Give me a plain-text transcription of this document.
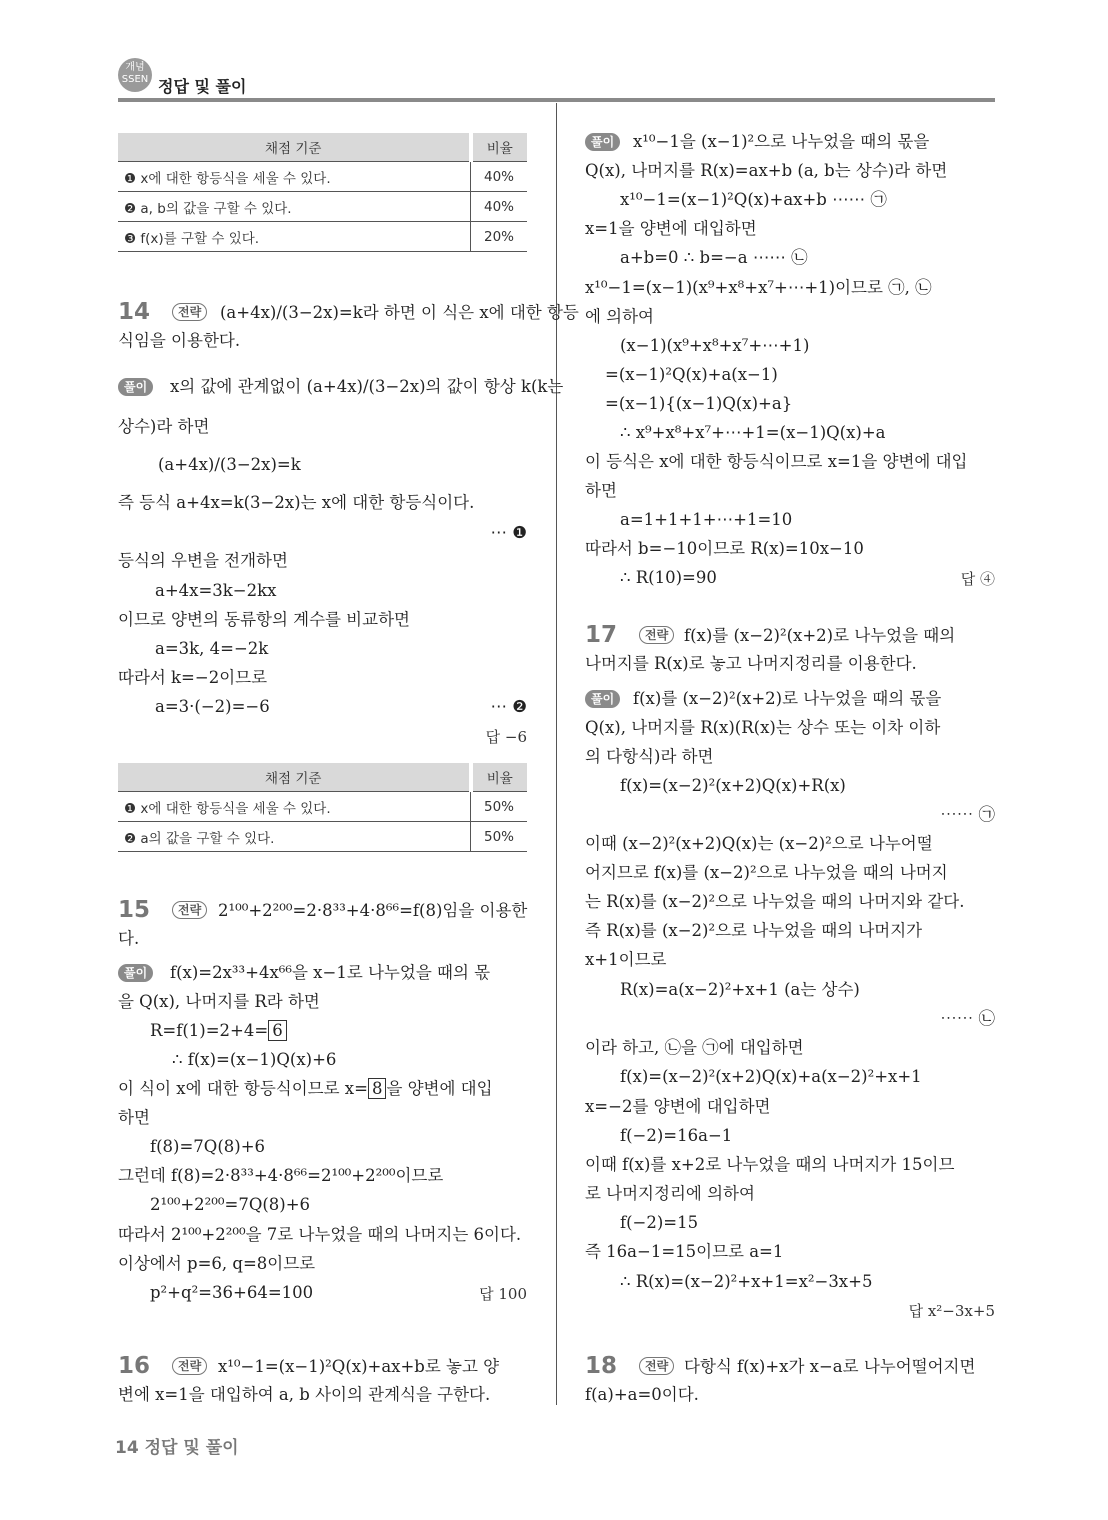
개념
SSEN 정답 및 풀이
채점 기준	비율
❶ x에 대한 항등식을 세울 수 있다.	40%
❷ a, b의 값을 구할 수 있다.	40%
❸ f(x)를 구할 수 있다.	20%
채점 기준	비율
❶ x에 대한 항등식을 세울 수 있다.	50%
❷ a의 값을 구할 수 있다.	50%
14 정답 및 풀이
14	전략	(a+4x)/(3−2x)=k라 하면 이 식은 x에 대한 항등
식임을 이용한다.
풀이	x의 값에 관계없이 (a+4x)/(3−2x)의 값이 항상 k(k는
상수)라 하면
(a+4x)/(3−2x)=k
즉 등식 a+4x=k(3−2x)는 x에 대한 항등식이다.
⋯ ❶
등식의 우변을 전개하면
a+4x=3k−2kx
이므로 양변의 동류항의 계수를 비교하면
a=3k, 4=−2k
따라서 k=−2이므로
a=3·(−2)=−6	⋯ ❷
답 −6
15	전략	2¹⁰⁰+2²⁰⁰=2·8³³+4·8⁶⁶=f(8)임을 이용한
다.
풀이	f(x)=2x³³+4x⁶⁶을 x−1로 나누었을 때의 몫
을 Q(x), 나머지를 R라 하면
R=f(1)=2+4= 6
∴ f(x)=(x−1)Q(x)+6
이 식이 x에 대한 항등식이므로 x= 8 을 양변에 대입
하면
f(8)=7Q(8)+6
그런데 f(8)=2·8³³+4·8⁶⁶=2¹⁰⁰+2²⁰⁰이므로
2¹⁰⁰+2²⁰⁰=7Q(8)+6
따라서 2¹⁰⁰+2²⁰⁰을 7로 나누었을 때의 나머지는 6이다.
이상에서 p=6, q=8이므로
p²+q²=36+64=100	답 100
16	전략	x¹⁰−1=(x−1)²Q(x)+ax+b로 놓고 양
변에 x=1을 대입하여 a, b 사이의 관계식을 구한다.
풀이	x¹⁰−1을 (x−1)²으로 나누었을 때의 몫을
Q(x), 나머지를 R(x)=ax+b (a, b는 상수)라 하면
x¹⁰−1=(x−1)²Q(x)+ax+b ⋯⋯ ㉠
x=1을 양변에 대입하면
a+b=0 ∴ b=−a ⋯⋯ ㉡
x¹⁰−1=(x−1)(x⁹+x⁸+x⁷+⋯+1)이므로 ㉠, ㉡
에 의하여
(x−1)(x⁹+x⁸+x⁷+⋯+1)
=(x−1)²Q(x)+a(x−1)
=(x−1){(x−1)Q(x)+a}
∴ x⁹+x⁸+x⁷+⋯+1=(x−1)Q(x)+a
이 등식은 x에 대한 항등식이므로 x=1을 양변에 대입
하면
a=1+1+1+⋯+1=10
따라서 b=−10이므로 R(x)=10x−10
∴ R(10)=90	답 ④
17	전략 f(x)를 (x−2)²(x+2)로 나누었을 때의
나머지를 R(x)로 놓고 나머지정리를 이용한다.
풀이	f(x)를 (x−2)²(x+2)로 나누었을 때의 몫을
Q(x), 나머지를 R(x)(R(x)는 상수 또는 이차 이하
의 다항식)라 하면
f(x)=(x−2)²(x+2)Q(x)+R(x)
⋯⋯ ㉠
이때 (x−2)²(x+2)Q(x)는 (x−2)²으로 나누어떨
어지므로 f(x)를 (x−2)²으로 나누었을 때의 나머지
는 R(x)를 (x−2)²으로 나누었을 때의 나머지와 같다.
즉 R(x)를 (x−2)²으로 나누었을 때의 나머지가
x+1이므로
R(x)=a(x−2)²+x+1 (a는 상수)
⋯⋯ ㉡
이라 하고, ㉡을 ㉠에 대입하면
f(x)=(x−2)²(x+2)Q(x)+a(x−2)²+x+1
x=−2를 양변에 대입하면
f(−2)=16a−1
이때 f(x)를 x+2로 나누었을 때의 나머지가 15이므
로 나머지정리에 의하여
f(−2)=15
즉 16a−1=15이므로 a=1
∴ R(x)=(x−2)²+x+1=x²−3x+5
답 x²−3x+5
18	전략 다항식 f(x)+x가 x−a로 나누어떨어지면
f(a)+a=0이다.
